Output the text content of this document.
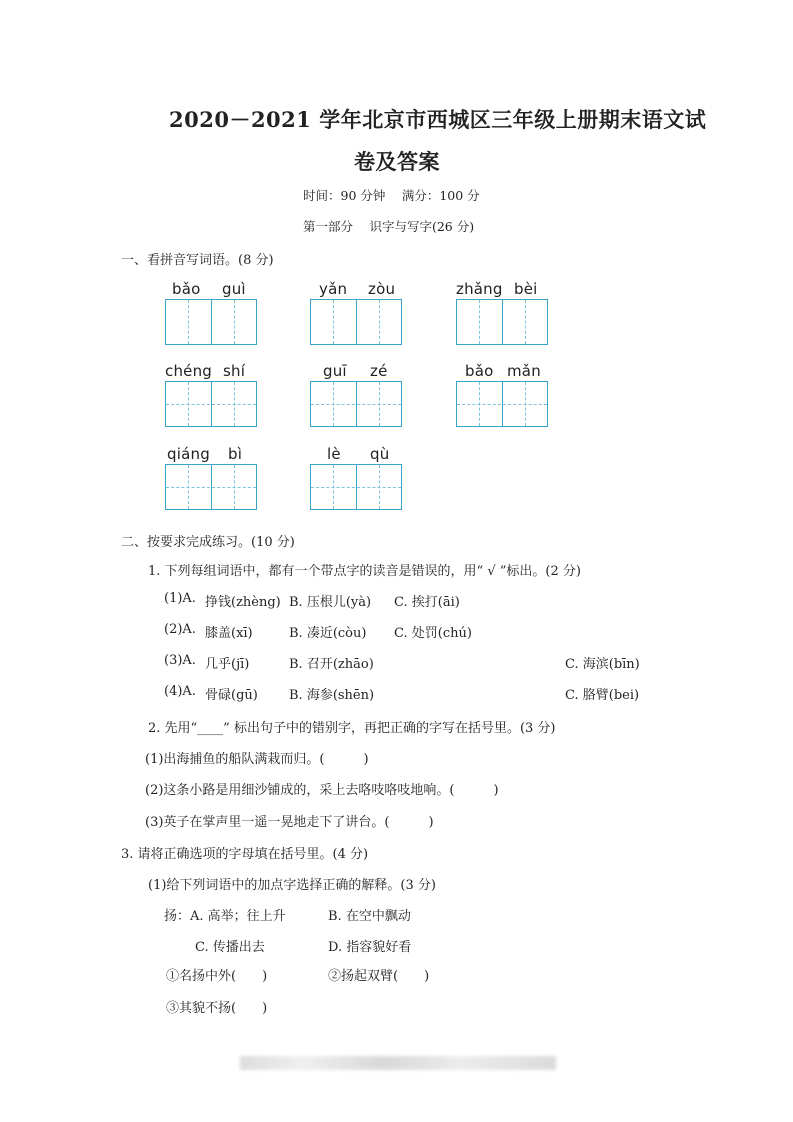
2020－2021 学年北京市西城区三年级上册期末语文试
卷及答案
时间：90 分钟　 满分：100 分
第一部分　 识字与写字(26 分)
一、看拼音写词语。(8 分)
bǎo guì	yǎn zòu	zhǎng bèi
chéng shí	guī zé	bǎo mǎn
qiáng bì	lè qù
二、按要求完成练习。(10 分)
1. 下列每组词语中，都有一个带点字的读音是错误的，用“ √ ”标出。(2 分)
(1)A. 挣钱(zhèng) B. 压根儿(yà) C. 挨打(āi)
(2)A. 膝盖(xī)	B. 凑近(còu) C. 处罚(chú)
(3)A. 几乎(jī)	B. 召开(zhāo)	C. 海滨(bīn)
(4)A. 骨碌(gū) B. 海参(shēn)	C. 胳臂(bei)
2. 先用“____” 标出句子中的错别字，再把正确的字写在括号里。(3 分)
(1)出海捕鱼的船队满栽而归。(　　　)
(2)这条小路是用细沙铺成的，采上去咯吱咯吱地响。(　　　)
(3)英子在掌声里一遥一晃地走下了讲台。(　　　)
3. 请将正确选项的字母填在括号里。(4 分)
(1)给下列词语中的加点字选择正确的解释。(3 分)
扬：A. 高举；往上升	B. 在空中飘动
C. 传播出去	D. 指容貌好看
①名扬中外(　　)	②扬起双臂(　　)
③其貌不扬(　　)
